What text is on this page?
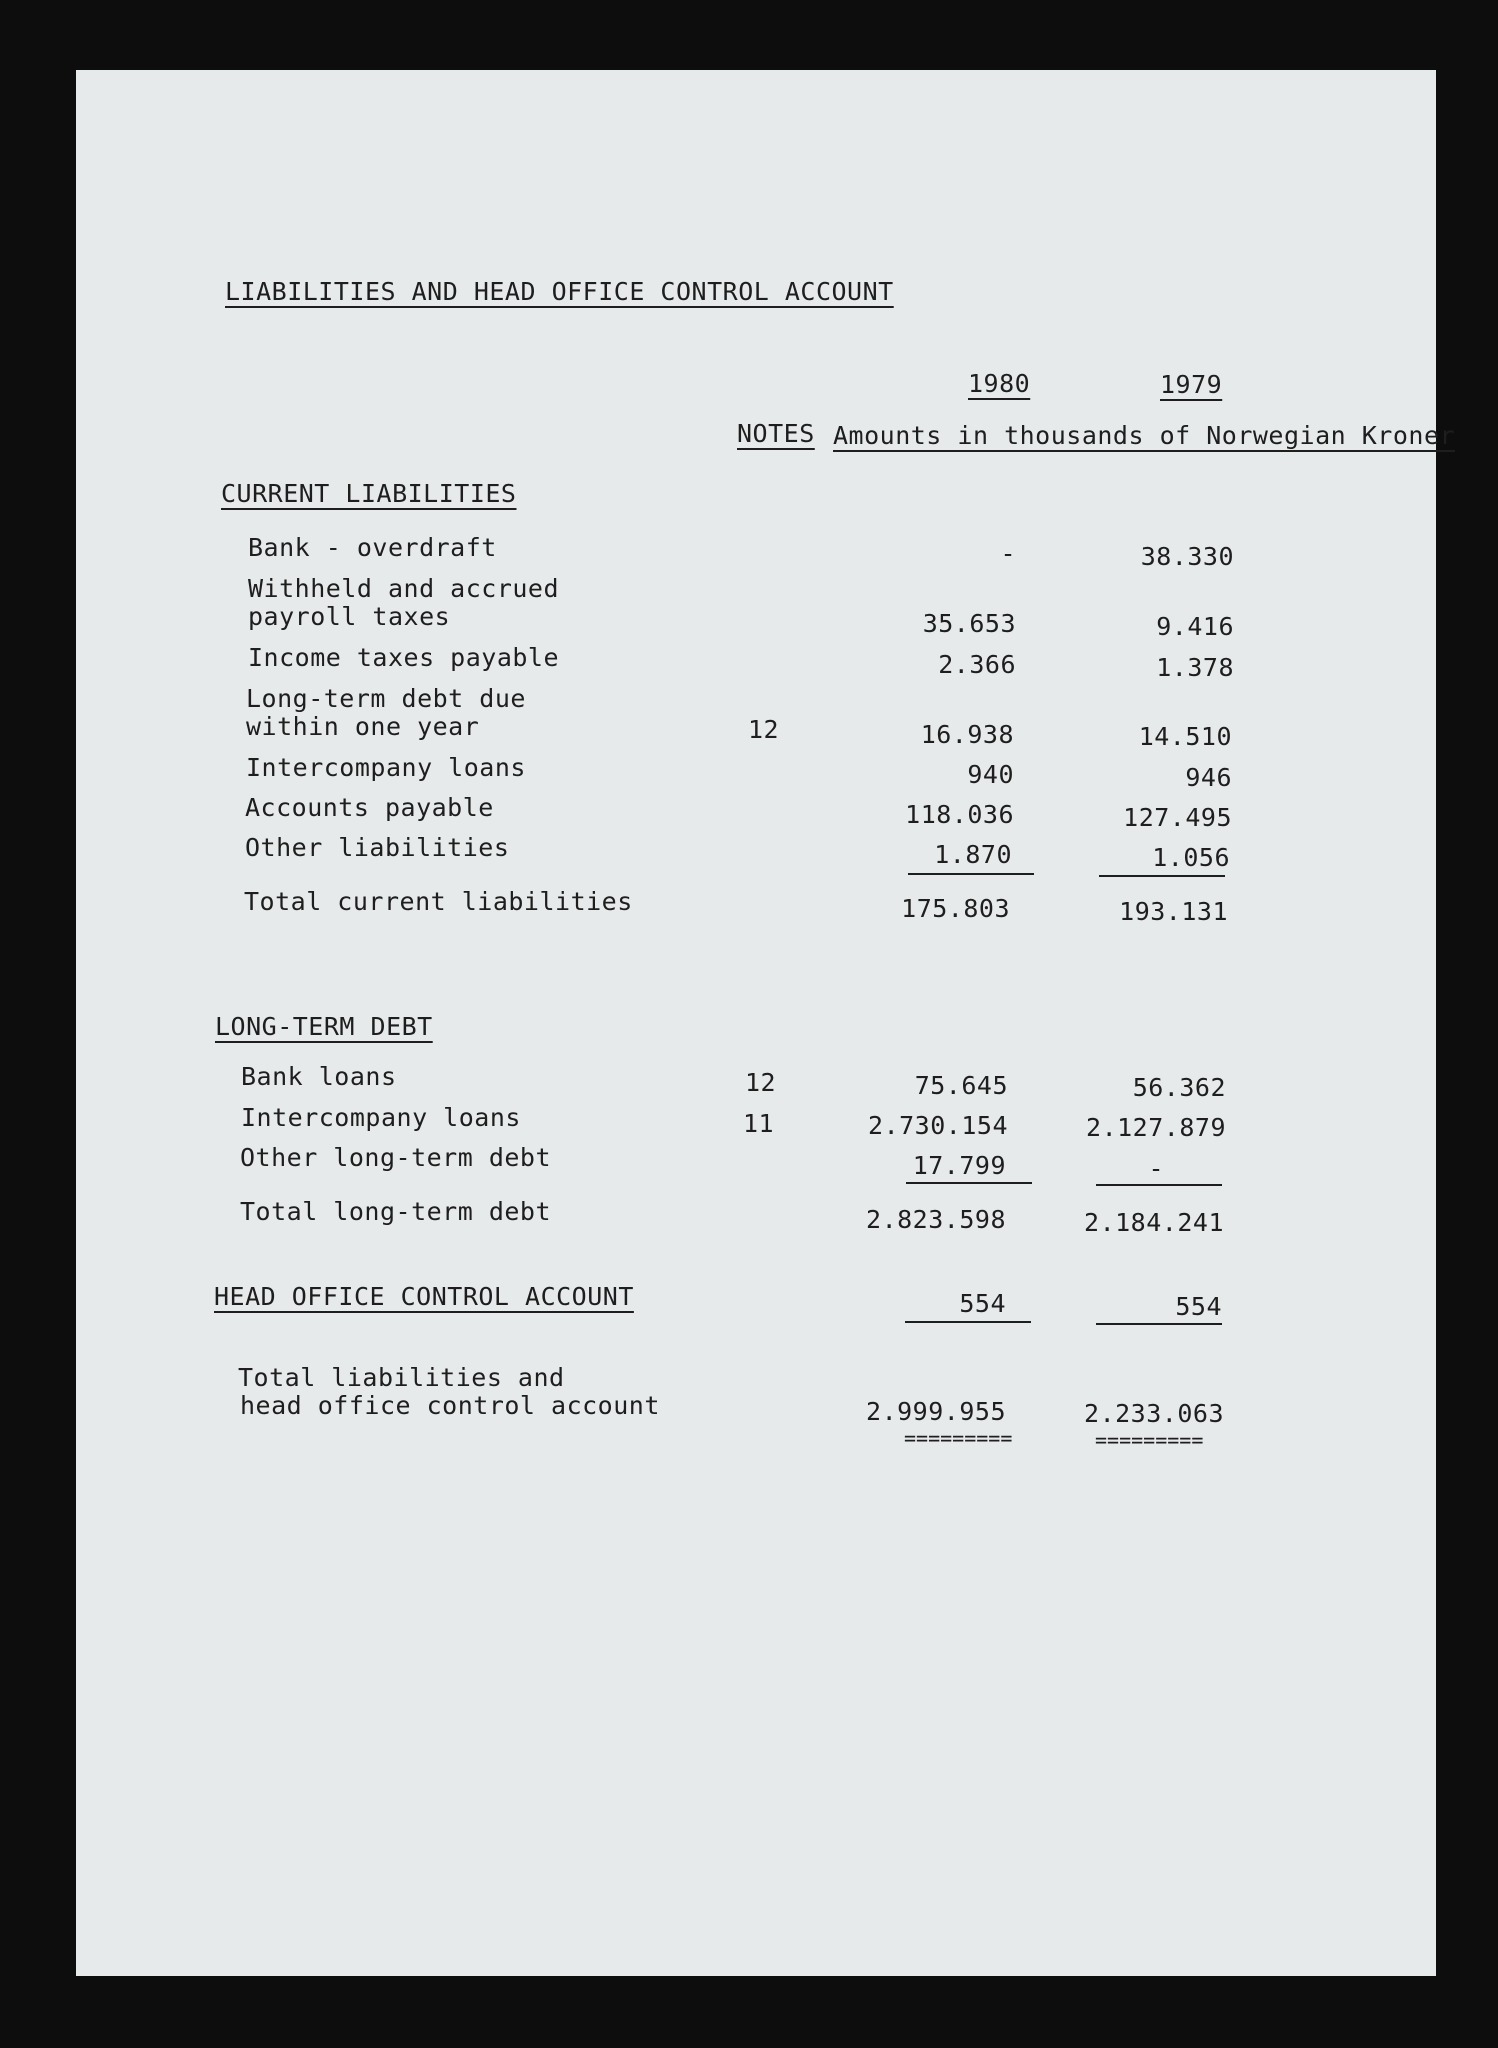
LIABILITIES AND HEAD OFFICE CONTROL ACCOUNT
1980	1979
NOTES Amounts in thousands of Norwegian Kroner
CURRENT LIABILITIES
Bank - overdraft	-	38.330
Withheld and accrued
payroll taxes	35.653	9.416
Income taxes payable	2.366	1.378
Long-term debt due
within one year	12	16.938	14.510
Intercompany loans	940	946
Accounts payable	118.036	127.495
Other liabilities	1.870	1.056
Total current liabilities	175.803	193.131
LONG-TERM DEBT
Bank loans	12	75.645	56.362
Intercompany loans	11	2.730.154	2.127.879
Other long-term debt	17.799	-
Total long-term debt	2.823.598	2.184.241
HEAD OFFICE CONTROL ACCOUNT	554	554
Total liabilities and
head office control account	2.999.955	2.233.063
=========	=========
